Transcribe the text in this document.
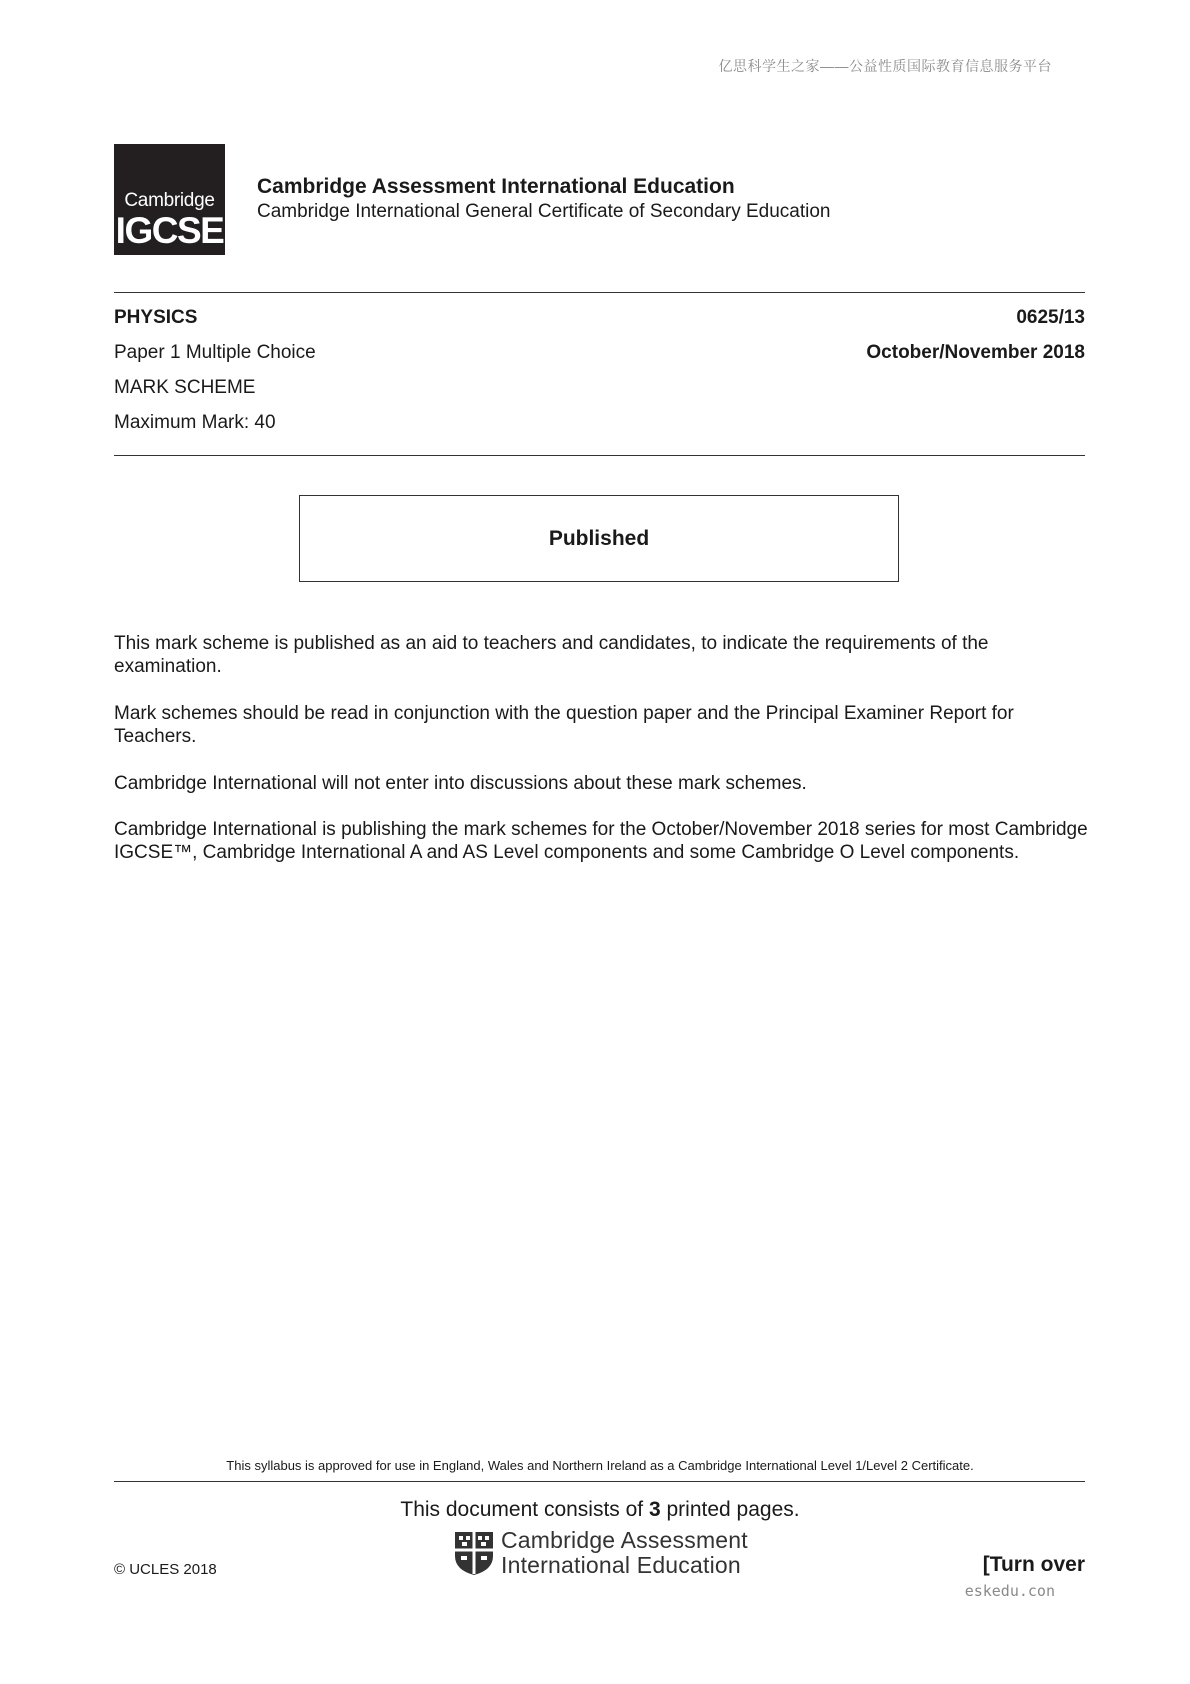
亿思科学生之家——公益性质国际教育信息服务平台
Cambridge
IGCSE
Cambridge Assessment International Education
Cambridge International General Certificate of Secondary Education
PHYSICS	0625/13
Paper 1 Multiple Choice	October/November 2018
MARK SCHEME
Maximum Mark: 40
Published
This mark scheme is published as an aid to teachers and candidates, to indicate the requirements of the examination.
Mark schemes should be read in conjunction with the question paper and the Principal Examiner Report for Teachers.
Cambridge International will not enter into discussions about these mark schemes.
Cambridge International is publishing the mark schemes for the October/November 2018 series for most Cambridge IGCSE™, Cambridge International A and AS Level components and some Cambridge O Level components.
This syllabus is approved for use in England, Wales and Northern Ireland as a Cambridge International Level 1/Level 2 Certificate.
This document consists of 3 printed pages.
© UCLES 2018
Cambridge Assessment
International Education	[Turn over
eskedu.con
